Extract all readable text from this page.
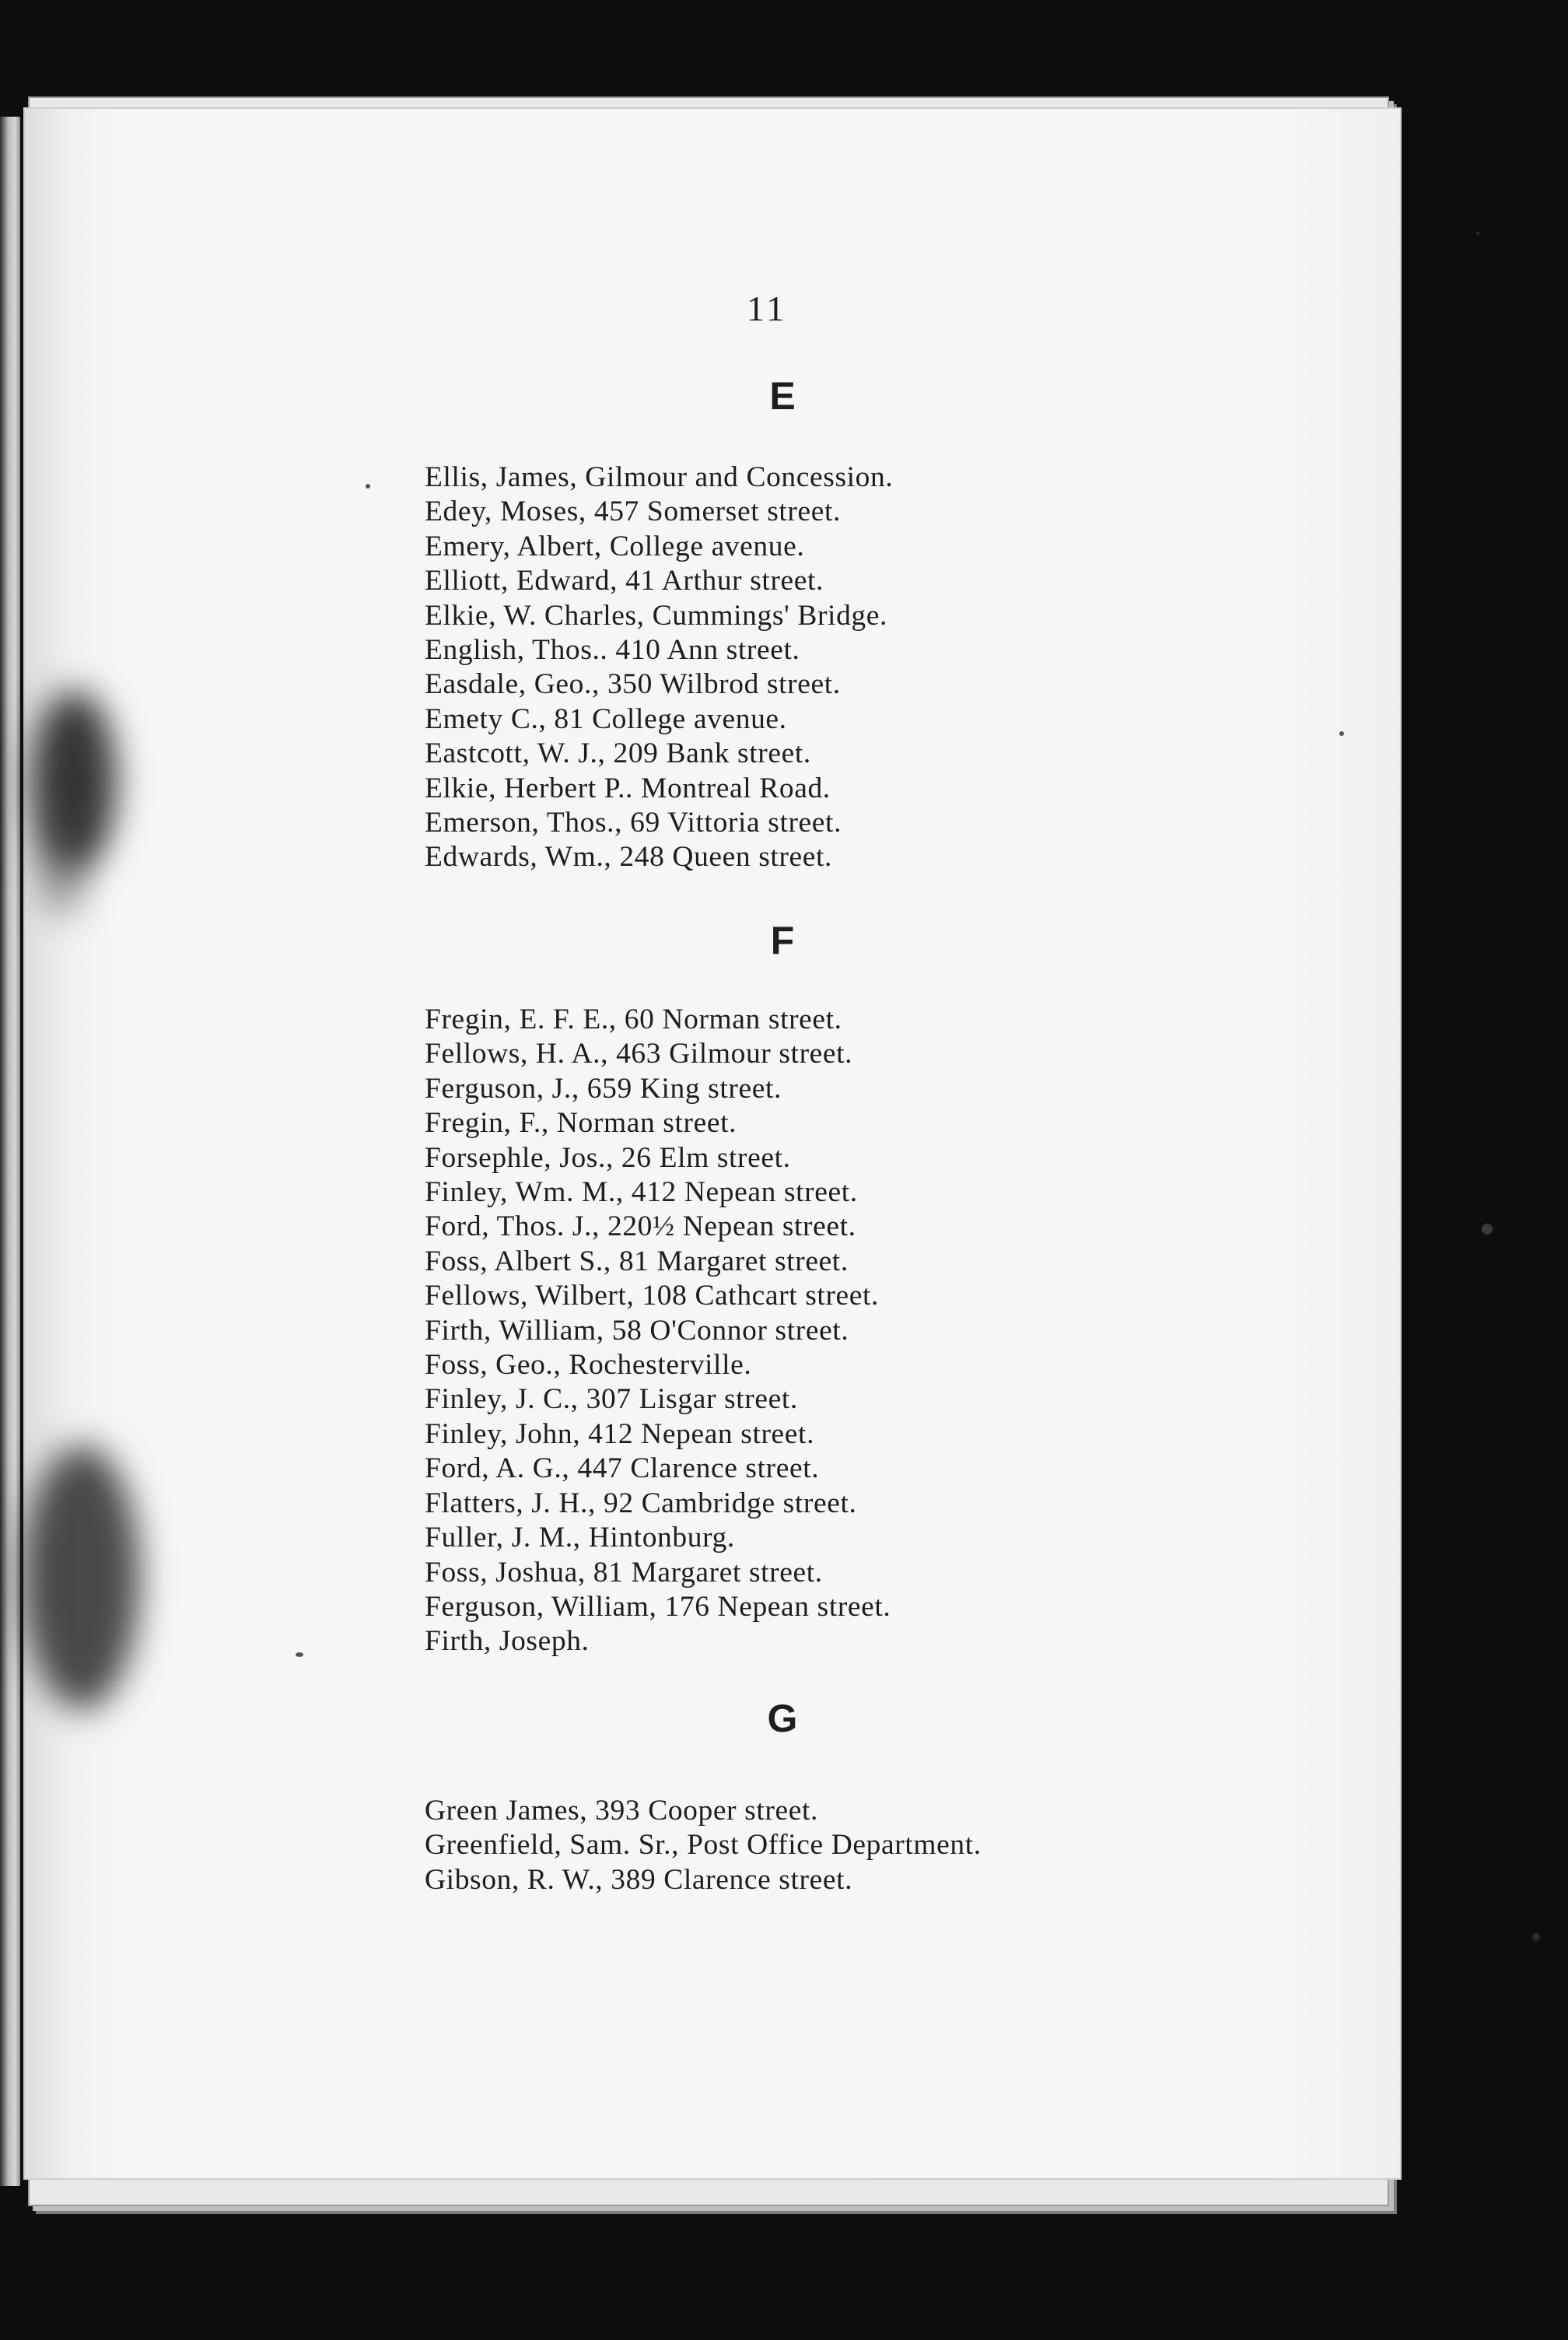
11
E
Ellis, James, Gilmour and Concession.
Edey, Moses, 457 Somerset street.
Emery, Albert, College avenue.
Elliott, Edward, 41 Arthur street.
Elkie, W. Charles, Cummings' Bridge.
English, Thos.. 410 Ann street.
Easdale, Geo., 350 Wilbrod street.
Emety C., 81 College avenue.
Eastcott, W. J., 209 Bank street.
Elkie, Herbert P.. Montreal Road.
Emerson, Thos., 69 Vittoria street.
Edwards, Wm., 248 Queen street.
F
Fregin, E. F. E., 60 Norman street.
Fellows, H. A., 463 Gilmour street.
Ferguson, J., 659 King street.
Fregin, F., Norman street.
Forsephle, Jos., 26 Elm street.
Finley, Wm. M., 412 Nepean street.
Ford, Thos. J., 220½ Nepean street.
Foss, Albert S., 81 Margaret street.
Fellows, Wilbert, 108 Cathcart street.
Firth, William, 58 O'Connor street.
Foss, Geo., Rochesterville.
Finley, J. C., 307 Lisgar street.
Finley, John, 412 Nepean street.
Ford, A. G., 447 Clarence street.
Flatters, J. H., 92 Cambridge street.
Fuller, J. M., Hintonburg.
Foss, Joshua, 81 Margaret street.
Ferguson, William, 176 Nepean street.
Firth, Joseph.
G
Green James, 393 Cooper street.
Greenfield, Sam. Sr., Post Office Department.
Gibson, R. W., 389 Clarence street.
